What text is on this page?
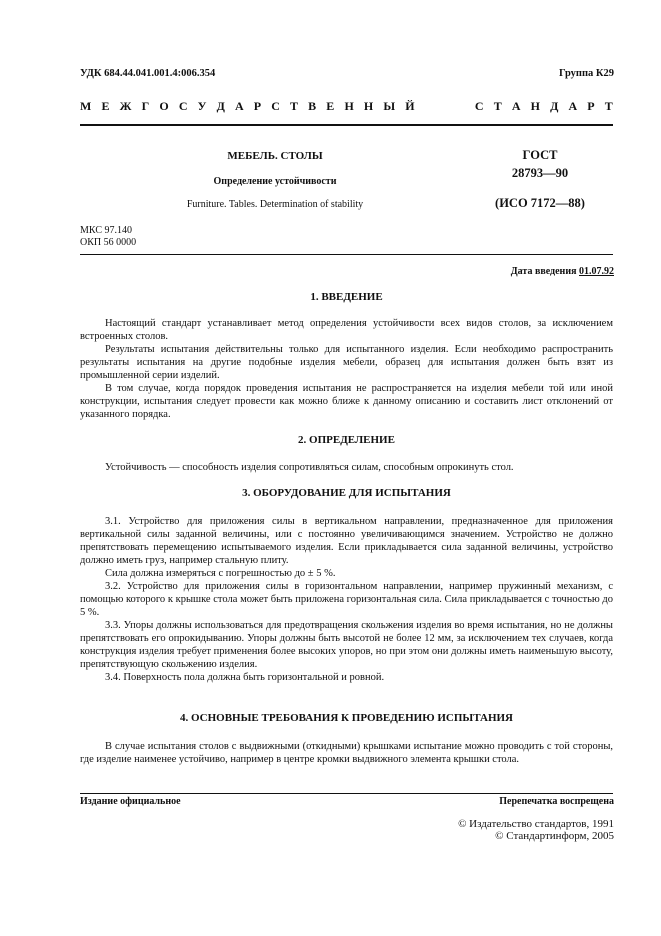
УДК 684.44.041.001.4:006.354	Группа К29
М Е Ж Г О С У Д А Р С Т В Е Н Н Ы Й	С Т А Н Д А Р Т
МЕБЕЛЬ. СТОЛЫ
Определение устойчивости
Furniture. Tables. Determination of stability
ГОСТ
28793—90
(ИСО 7172—88)
МКС 97.140
ОКП 56 0000
Дата введения 01.07.92
1. ВВЕДЕНИЕ

Настоящий стандарт устанавливает метод определения устойчивости всех видов столов, за исключением встроенных столов.

Результаты испытания действительны только для испытанного изделия. Если необходимо распространить результаты испытания на другие подобные изделия мебели, образец для испытания должен быть взят из промышленной серии изделий.

В том случае, когда порядок проведения испытания не распространяется на изделия мебели той или иной конструкции, испытания следует провести как можно ближе к данному описанию и составить лист отклонений от указанного порядка.

2. ОПРЕДЕЛЕНИЕ

Устойчивость — способность изделия сопротивляться силам, способным опрокинуть стол.

3. ОБОРУДОВАНИЕ ДЛЯ ИСПЫТАНИЯ

3.1. Устройство для приложения силы в вертикальном направлении, предназначенное для приложения вертикальной силы заданной величины, или с постоянно увеличивающимся значением. Устройство не должно препятствовать перемещению испытываемого изделия. Если прикладывается сила заданной величины, устройство должно иметь груз, например стальную плиту.

Сила должна измеряться с погрешностью до ± 5 %.

3.2. Устройство для приложения силы в горизонтальном направлении, например пружинный механизм, с помощью которого к крышке стола может быть приложена горизонтальная сила. Сила прикладывается с точностью до 5 %.

3.3. Упоры должны использоваться для предотвращения скольжения изделия во время испытания, но не должны препятствовать его опрокидыванию. Упоры должны быть высотой не более 12 мм, за исключением тех случаев, когда конструкция изделия требует применения более высоких упоров, но при этом они должны иметь наименьшую высоту, препятствующую скольжению изделия.

3.4. Поверхность пола должна быть горизонтальной и ровной.

4. ОСНОВНЫЕ ТРЕБОВАНИЯ К ПРОВЕДЕНИЮ ИСПЫТАНИЯ

В случае испытания столов с выдвижными (откидными) крышками испытание можно проводить с той стороны, где изделие наименее устойчиво, например в центре кромки выдвижного элемента крышки стола.

Издание официальное	Перепечатка воспрещена
© Издательство стандартов, 1991
© Стандартинформ, 2005
